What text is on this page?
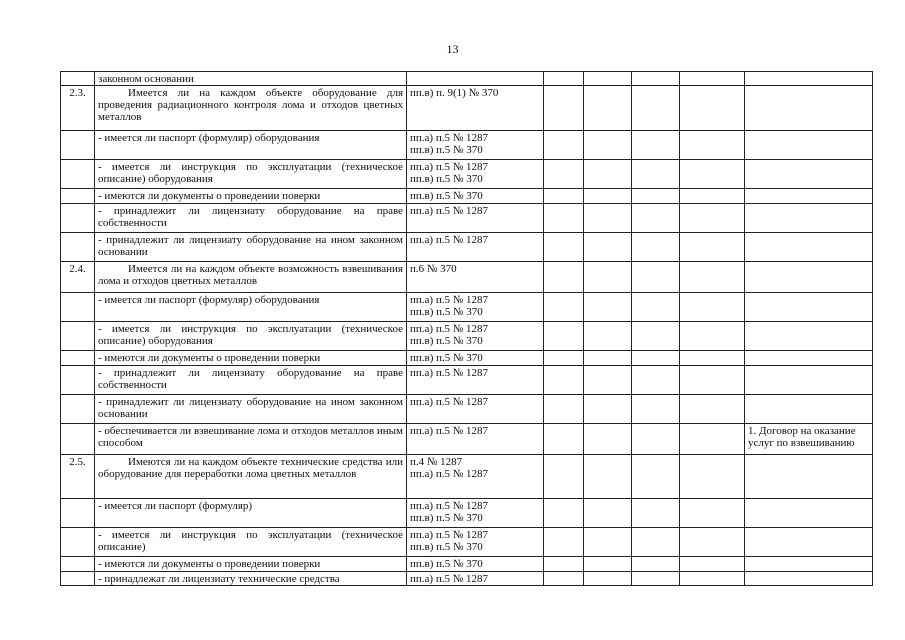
13
	законном основании						
2.3.	Имеется ли на каждом объекте оборудование для проведения радиационного контроля лома и отходов цветных металлов	пп.в) п. 9(1) № 370					

	- имеется ли паспорт (формуляр) оборудования	пп.а) п.5 № 1287
пп.в) п.5 № 370					

	- имеется ли инструкция по эксплуатации (техническое описание) оборудования	пп.а) п.5 № 1287
пп.в) п.5 № 370					

	- имеются ли документы о проведении поверки	пп.в) п.5 № 370					

	- принадлежит ли лицензиату оборудование на праве собственности	пп.а) п.5 № 1287					

	- принадлежит ли лицензиату оборудование на ином законном основании	пп.а) п.5 № 1287					

2.4.	Имеется ли на каждом объекте возможность взвешивания лома и отходов цветных металлов	п.6 № 370					

	- имеется ли паспорт (формуляр) оборудования	пп.а) п.5 № 1287
пп.в) п.5 № 370					

	- имеется ли инструкция по эксплуатации (техническое описание) оборудования	пп.а) п.5 № 1287
пп.в) п.5 № 370					

	- имеются ли документы о проведении поверки	пп.в) п.5 № 370					

	- принадлежит ли лицензиату оборудование на праве собственности	пп.а) п.5 № 1287					

	- принадлежит ли лицензиату оборудование на ином законном основании	пп.а) п.5 № 1287					

	- обеспечивается ли взвешивание лома и отходов металлов иным способом	пп.а) п.5 № 1287					1. Договор на оказание услуг по взвешиванию
2.5.	Имеются ли на каждом объекте технические средства или оборудование для переработки лома цветных металлов	п.4 № 1287
пп.а) п.5 № 1287					

	- имеется ли паспорт (формуляр)	пп.а) п.5 № 1287
пп.в) п.5 № 370					

	- имеется ли инструкция по эксплуатации (техническое описание)	пп.а) п.5 № 1287
пп.в) п.5 № 370					

	- имеются ли документы о проведении поверки	пп.в) п.5 № 370					

	- принадлежат ли лицензиату технические средства	пп.а) п.5 № 1287					
